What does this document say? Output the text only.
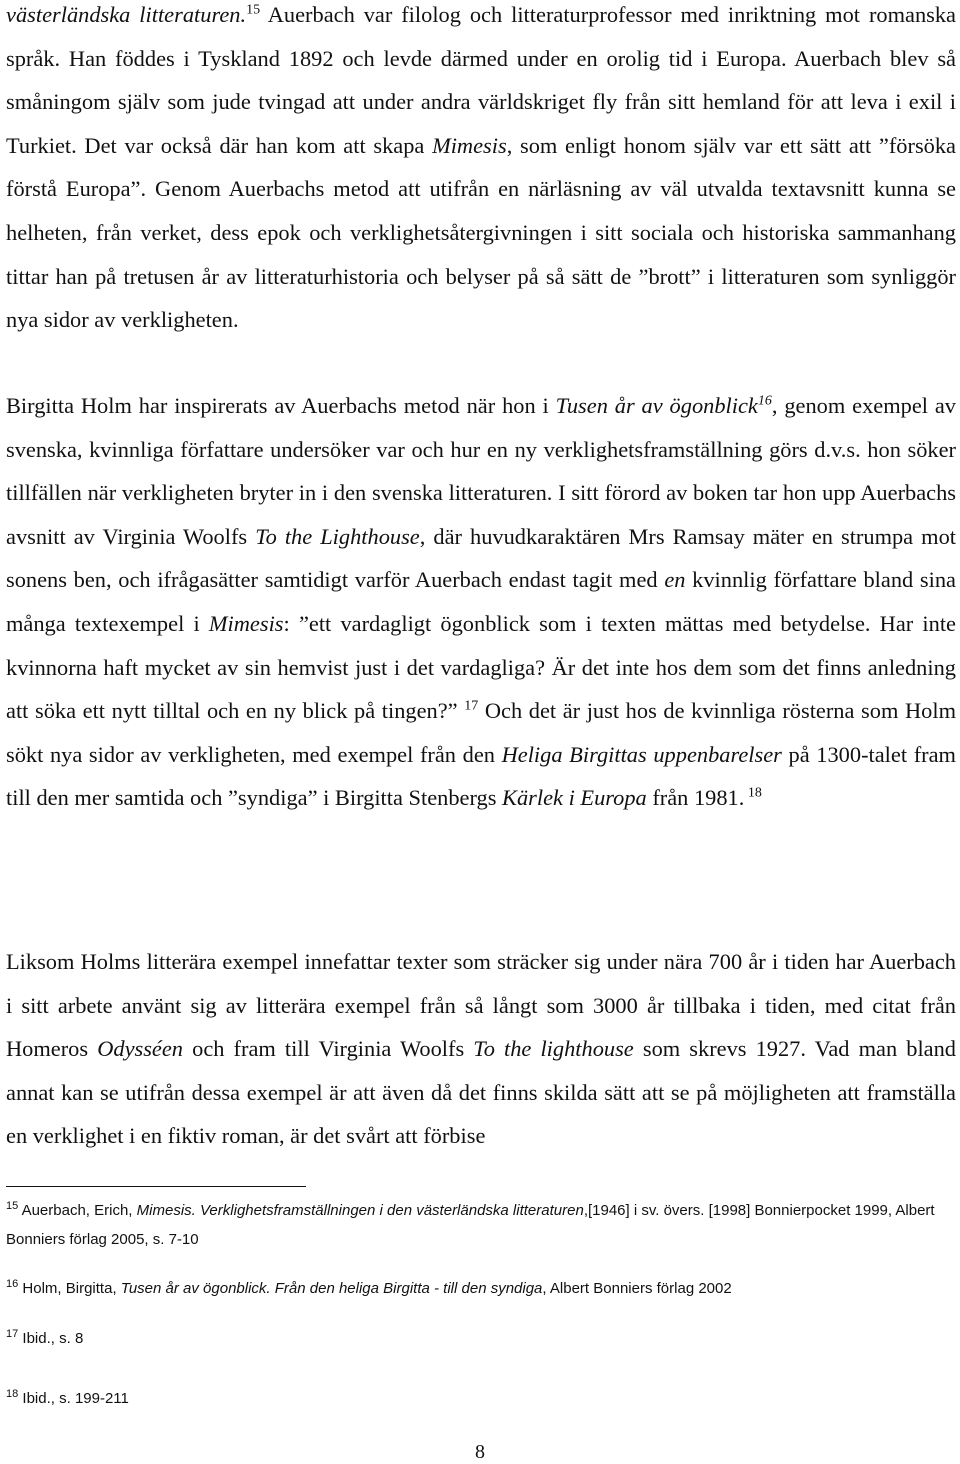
västerländska litteraturen.$^{15}$ Auerbach var filolog och litteraturprofessor med inriktning mot romanska språk. Han föddes i Tyskland 1892 och levde därmed under en orolig tid i Europa. Auerbach blev så småningom själv som jude tvingad att under andra världskriget fly från sitt hemland för att leva i exil i Turkiet. Det var också där han kom att skapa Mimesis, som enligt honom själv var ett sätt att ”försöka förstå Europa”. Genom Auerbachs metod att utifrån en närläsning av väl utvalda textavsnitt kunna se helheten, från verket, dess epok och verklighetsåtergivningen i sitt sociala och historiska sammanhang tittar han på tretusen år av litteraturhistoria och belyser på så sätt de ”brott” i litteraturen som synliggör nya sidor av verkligheten.

Birgitta Holm har inspirerats av Auerbachs metod när hon i Tusen år av ögonblick$^{16}$, genom exempel av svenska, kvinnliga författare undersöker var och hur en ny verklighetsframställning görs d.v.s. hon söker tillfällen när verkligheten bryter in i den svenska litteraturen. I sitt förord av boken tar hon upp Auerbachs avsnitt av Virginia Woolfs To the Lighthouse, där huvudkaraktären Mrs Ramsay mäter en strumpa mot sonens ben, och ifrågasätter samtidigt varför Auerbach endast tagit med en kvinnlig författare bland sina många textexempel i Mimesis: ”ett vardagligt ögonblick som i texten mättas med betydelse. Har inte kvinnorna haft mycket av sin hemvist just i det vardagliga? Är det inte hos dem som det finns anledning att söka ett nytt tilltal och en ny blick på tingen?” $^{17}$ Och det är just hos de kvinnliga rösterna som Holm sökt nya sidor av verkligheten, med exempel från den Heliga Birgittas uppenbarelser på 1300-talet fram till den mer samtida och ”syndiga” i Birgitta Stenbergs Kärlek i Europa från 1981. $^{18}$

Liksom Holms litterära exempel innefattar texter som sträcker sig under nära 700 år i tiden har Auerbach i sitt arbete använt sig av litterära exempel från så långt som 3000 år tillbaka i tiden, med citat från Homeros Odysséen och fram till Virginia Woolfs To the lighthouse som skrevs 1927. Vad man bland annat kan se utifrån dessa exempel är att även då det finns skilda sätt att se på möjligheten att framställa en verklighet i en fiktiv roman, är det svårt att förbise

$^{15}$ Auerbach, Erich, Mimesis. Verklighetsframställningen i den västerländska litteraturen,[1946] i sv. övers. [1998] Bonnierpocket 1999, Albert Bonniers förlag 2005, s. 7-10

$^{16}$ Holm, Birgitta, Tusen år av ögonblick. Från den heliga Birgitta - till den syndiga, Albert Bonniers förlag 2002

$^{17}$ Ibid., s. 8

$^{18}$ Ibid., s. 199-211

8
